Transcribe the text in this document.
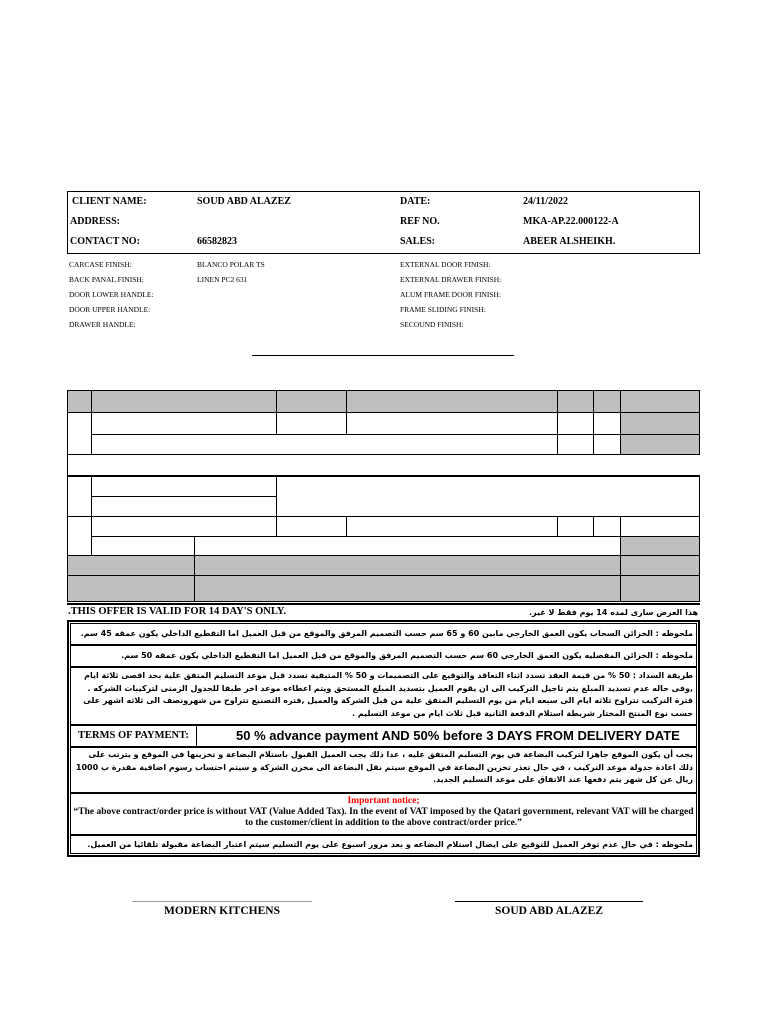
CLIENT NAME:	SOUD ABD ALAZEZ
ADDRESS:
CONTACT NO:	66582823
DATE:	24/11/2022
REF NO.	MKA-AP.22.000122-A
SALES:	ABEER ALSHEIKH.
CARCASE FINISH:	BLANCO POLAR TS
BACK PANAL FINISH:	LINEN PC2 631
DOOR LOWER HANDLE:
DOOR UPPER HANDLE:
DRAWER HANDLE:
EXTERNAL DOOR FINISH:
EXTERNAL DRAWER FINISH:
ALUM FRAME DOOR FINISH:
FRAME SLIDING FINISH:
SECOUND FINISH:
.THIS OFFER IS VALID FOR 14 DAY'S ONLY.	هذا العرض سارى لمده 14 يوم فقط لا غير.
ملحوظه : الخزائن السحاب يكون العمق الخارجي مابين 60 و 65 سم حسب التصميم المرفق والموقع من قبل العميل اما التقطيع الداخلي يكون عمقه 45 سم.
ملحوظه : الخزائن المفصليه يكون العمق الخارجي 60 سم حسب التصميم المرفق والموقع من قبل العميل اما التقطيع الداخلي يكون عمقه 50 سم.
طريقة السداد : 50 % من قيمة العقد تسدد اثناء التعاقد والتوقيع على التصميمات و 50 % المتبقية تسدد قبل موعد التسليم المتفق علية بحد اقصى ثلاثة ايام ,وفى حاله عدم تسديد المبلغ يتم تاجيل التركيب الى ان يقوم العميل بتسديد المبلغ المستحق ويتم اعطاءه موعد اخر طبقا للجدول الزمنى لتركيبات الشركه . فترة التركيب تتراوح ثلاثه ايام الى سبعه ايام من يوم التسليم المتفق علية من قبل الشركة والعميل ,فتره التصنيع تتراوح من شهرونصف الى ثلاثه اشهر على حسب نوع المنتج المختار شريطة استلام الدفعة الثانية قبل ثلاث ايام من موعد التسليم .
TERMS OF PAYMENT:	50 % advance payment AND 50% before 3 DAYS FROM DELIVERY DATE
يجب أن يكون الموقع جاهزا لتركيب البضاعة في يوم التسليم المتفق عليه ، عدا ذلك يجب العميل القبول باستلام البضاعة و تخزينها في الموقع و يترتب على ذلك اعادة جدولة موعد التركيب ، في حال تعذر تخزين البضاعة في الموقع سيتم نقل البضاعة الى مخزن الشركة و سيتم احتساب رسوم اضافية مقدرة ب 1000 ريال عن كل شهر يتم دفعها عند الاتفاق على موعد التسليم الجديد.
Important notice;
“The above contract/order price is without VAT (Value Added Tax). In the event of VAT imposed by the Qatari government, relevant VAT will be charged to the customer/client in addition to the above contract/order price.”
ملحوظه : في حال عدم توفر العميل للتوقيع على ايصال استلام البضاعه و بعد مرور اسبوع على يوم التسليم سيتم اعتبار البضاعة مقبولة تلقائيا من العميل.
MODERN KITCHENS	SOUD ABD ALAZEZ
